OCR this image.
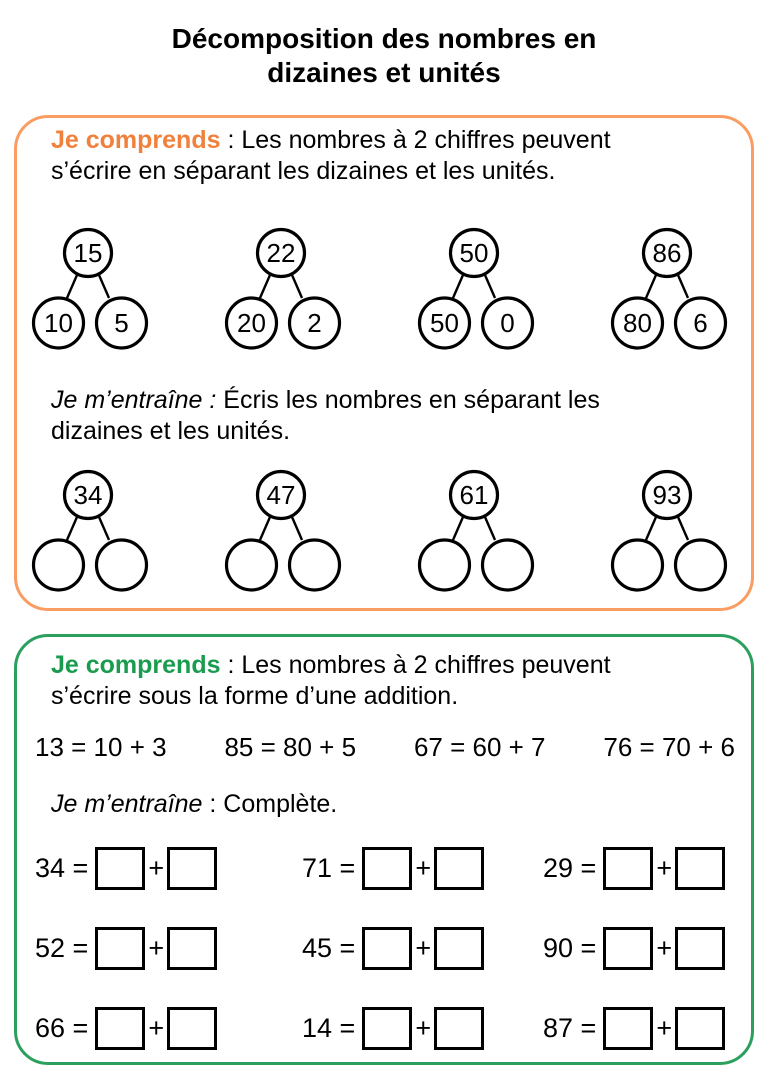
Décomposition des nombres en
dizaines et unités

Je comprends : Les nombres à 2 chiffres peuvent
s’écrire en séparant les dizaines et les unités.

15
10 5
22
20 2
50
50 0
86
80 6

Je m’entraîne : Écris les nombres en séparant les
dizaines et les unités.

34	47	61	93

Je comprends : Les nombres à 2 chiffres peuvent
s’écrire sous la forme d’une addition.

13 = 10 + 3 85 = 80 + 5 67 = 60 + 7 76 = 70 + 6

Je m’entraîne : Complète.

34 = +	71 = +	29 = +
52 = +	45 = +	90 = +
66 = +	14 = +	87 = +
